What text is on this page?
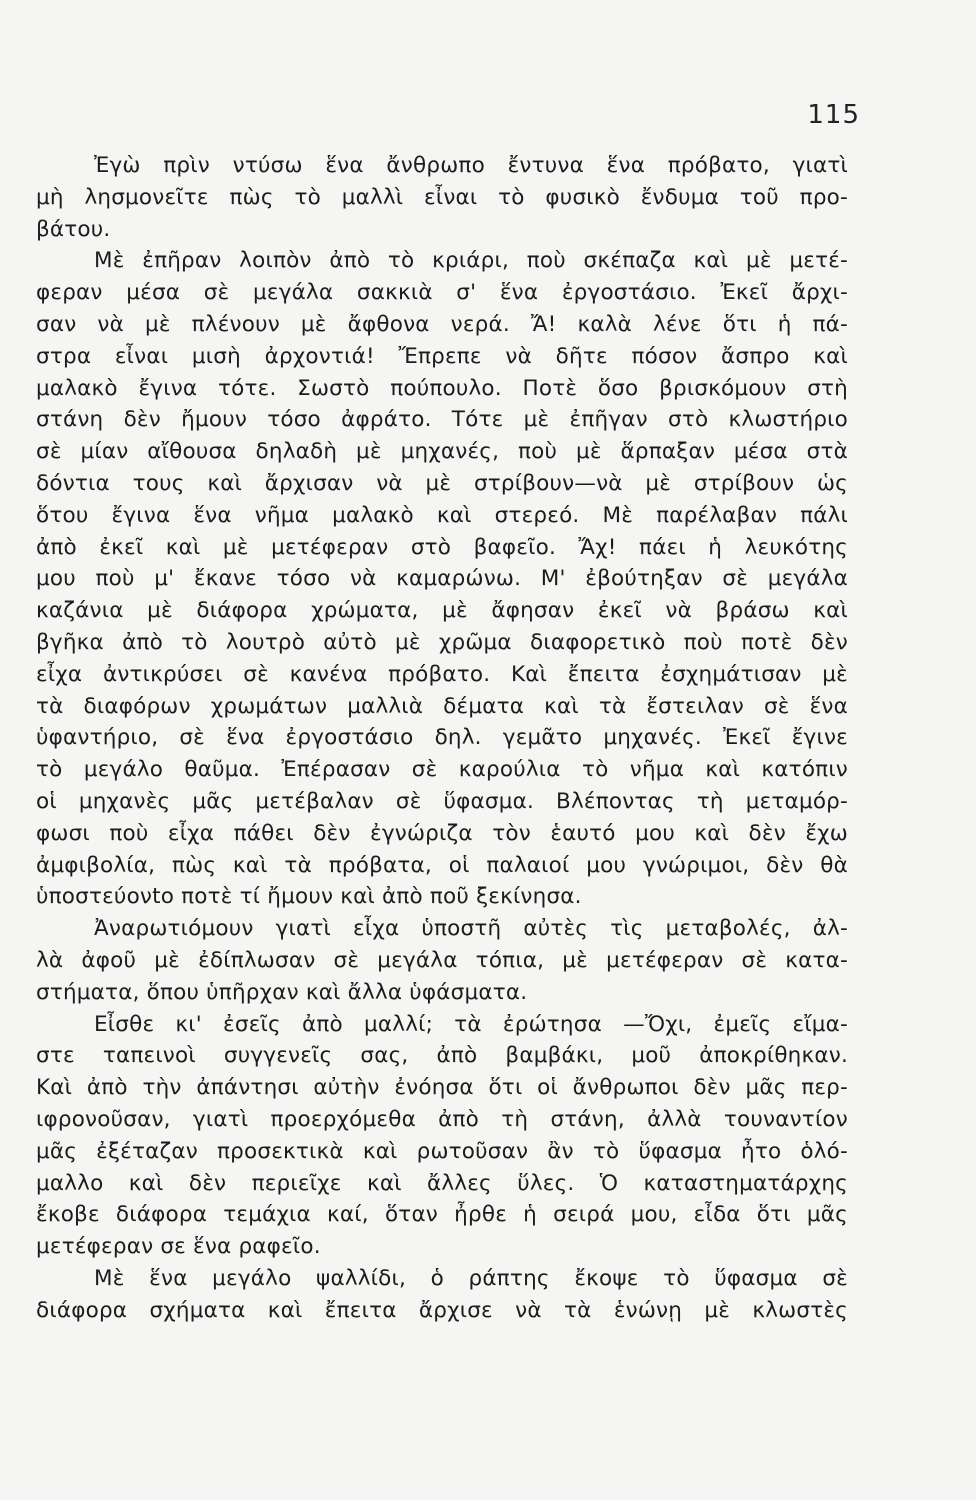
115
Ἐγὼ πρὶν ντύσω ἕνα ἄνθρωπο ἔντυνα ἕνα πρόβατο, γιατὶ
μὴ λησμονεῖτε πὼς τὸ μαλλὶ εἶναι τὸ φυσικὸ ἔνδυμα τοῦ προ-
βάτου.
Μὲ ἐπῆραν λοιπὸν ἀπὸ τὸ κριάρι, ποὺ σκέπαζα καὶ μὲ μετέ-
φεραν μέσα σὲ μεγάλα σακκιὰ σ' ἕνα ἐργοστάσιο. Ἐκεῖ ἄρχι-
σαν νὰ μὲ πλένουν μὲ ἄφθονα νερά. Ἄ! καλὰ λένε ὅτι ἡ πά-
στρα εἶναι μισὴ ἀρχοντιά! Ἔπρεπε νὰ δῆτε πόσον ἄσπρο καὶ
μαλακὸ ἔγινα τότε. Σωστὸ πούπουλο. Ποτὲ ὅσο βρισκόμουν στὴ
στάνη δὲν ἤμουν τόσο ἀφράτο. Τότε μὲ ἐπῆγαν στὸ κλωστήριο
σὲ μίαν αἴθουσα δηλαδὴ μὲ μηχανές, ποὺ μὲ ἅρπαξαν μέσα στὰ
δόντια τους καὶ ἄρχισαν νὰ μὲ στρίβουν—νὰ μὲ στρίβουν ὡς
ὅτου ἔγινα ἕνα νῆμα μαλακὸ καὶ στερεό. Μὲ παρέλαβαν πάλι
ἀπὸ ἐκεῖ καὶ μὲ μετέφεραν στὸ βαφεῖο. Ἄχ! πάει ἡ λευκότης
μου ποὺ μ' ἔκανε τόσο νὰ καμαρώνω. Μ' ἐβούτηξαν σὲ μεγάλα
καζάνια μὲ διάφορα χρώματα, μὲ ἄφησαν ἐκεῖ νὰ βράσω καὶ
βγῆκα ἀπὸ τὸ λουτρὸ αὐτὸ μὲ χρῶμα διαφορετικὸ ποὺ ποτὲ δὲν
εἶχα ἀντικρύσει σὲ κανένα πρόβατο. Καὶ ἔπειτα ἐσχημάτισαν μὲ
τὰ διαφόρων χρωμάτων μαλλιὰ δέματα καὶ τὰ ἔστειλαν σὲ ἕνα
ὑφαντήριο, σὲ ἕνα ἐργοστάσιο δηλ. γεμᾶτο μηχανές. Ἐκεῖ ἔγινε
τὸ μεγάλο θαῦμα. Ἐπέρασαν σὲ καρούλια τὸ νῆμα καὶ κατόπιν
οἱ μηχανὲς μᾶς μετέβαλαν σὲ ὕφασμα. Βλέποντας τὴ μεταμόρ-
φωσι ποὺ εἶχα πάθει δὲν ἐγνώριζα τὸν ἑαυτό μου καὶ δὲν ἔχω
ἀμφιβολία, πὼς καὶ τὰ πρόβατα, οἱ παλαιοί μου γνώριμοι, δὲν θὰ
ὑποστεύονto ποτὲ τί ἤμουν καὶ ἀπὸ ποῦ ξεκίνησα.
Ἀναρωτιόμουν γιατὶ εἶχα ὑποστῆ αὐτὲς τὶς μεταβολές, ἀλ-
λὰ ἀφοῦ μὲ ἐδίπλωσαν σὲ μεγάλα τόπια, μὲ μετέφεραν σὲ κατα-
στήματα, ὅπου ὑπῆρχαν καὶ ἄλλα ὑφάσματα.
Εἶσθε κι' ἐσεῖς ἀπὸ μαλλί; τὰ ἐρώτησα —Ὄχι, ἐμεῖς εἴμα-
στε ταπεινοὶ συγγενεῖς σας, ἀπὸ βαμβάκι, μοῦ ἀποκρίθηκαν.
Καὶ ἀπὸ τὴν ἀπάντησι αὐτὴν ἐνόησα ὅτι οἱ ἄνθρωποι δὲν μᾶς περ-
ιφρονοῦσαν, γιατὶ προερχόμεθα ἀπὸ τὴ στάνη, ἀλλὰ τουναντίον
μᾶς ἐξέταζαν προσεκτικὰ καὶ ρωτοῦσαν ἂν τὸ ὕφασμα ἦτο ὁλό-
μαλλο καὶ δὲν περιεῖχε καὶ ἄλλες ὕλες. Ὁ καταστηματάρχης
ἔκοβε διάφορα τεμάχια καί, ὅταν ἦρθε ἡ σειρά μου, εἶδα ὅτι μᾶς
μετέφεραν σε ἕνα ραφεῖο.
Μὲ ἕνα μεγάλο ψαλλίδι, ὁ ράπτης ἔκοψε τὸ ὕφασμα σὲ
διάφορα σχήματα καὶ ἔπειτα ἄρχισε νὰ τὰ ἑνώνῃ μὲ κλωστὲς
